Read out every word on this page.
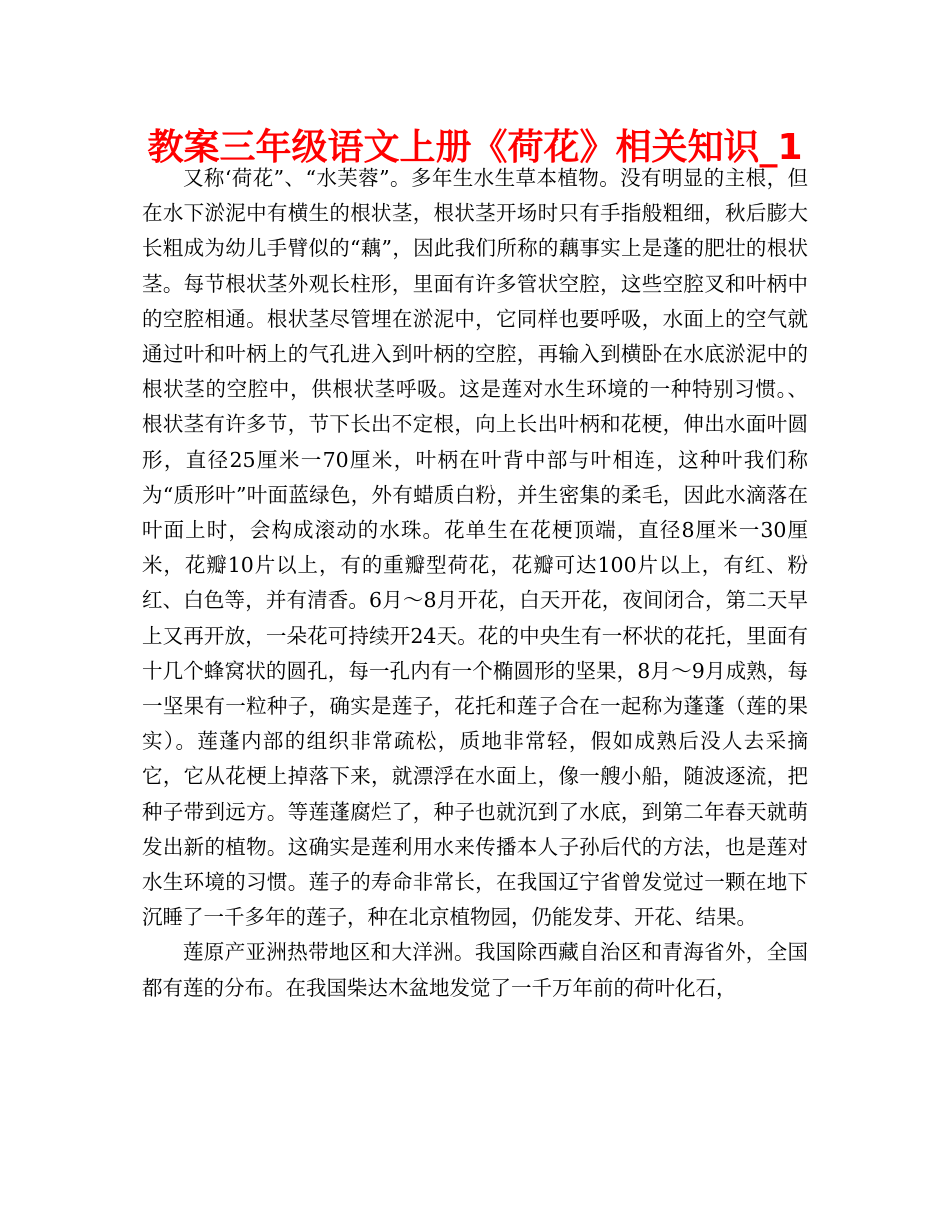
教案三年级语文上册《荷花》相关知识_1

又称‘荷花”、“水芙蓉”。多年生水生草本植物。没有明显的主根，但在水下淤泥中有横生的根状茎，根状茎开场时只有手指般粗细，秋后膨大长粗成为幼儿手臂似的“藕”，因此我们所称的藕事实上是蓬的肥壮的根状茎。每节根状茎外观长柱形，里面有许多管状空腔，这些空腔叉和叶柄中的空腔相通。根状茎尽管埋在淤泥中，它同样也要呼吸，水面上的空气就通过叶和叶柄上的气孔进入到叶柄的空腔，再输入到横卧在水底淤泥中的根状茎的空腔中，供根状茎呼吸。这是莲对水生环境的一种特别习惯。、根状茎有许多节，节下长出不定根，向上长出叶柄和花梗，伸出水面叶圆形，直径25厘米一70厘米，叶柄在叶背中部与叶相连，这种叶我们称为“质形叶”叶面蓝绿色，外有蜡质白粉，并生密集的柔毛，因此水滴落在叶面上时，会构成滚动的水珠。花单生在花梗顶端，直径8厘米一30厘米，花瓣10片以上，有的重瓣型荷花，花瓣可达100片以上，有红、粉红、白色等，并有清香。6月～8月开花，白天开花，夜间闭合，第二天早上又再开放，一朵花可持续开24天。花的中央生有一杯状的花托，里面有十几个蜂窝状的圆孔，每一孔内有一个椭圆形的坚果，8月～9月成熟，每一坚果有一粒种子，确实是莲子，花托和莲子合在一起称为蓬蓬（莲的果实）。莲蓬内部的组织非常疏松，质地非常轻，假如成熟后没人去采摘它，它从花梗上掉落下来，就漂浮在水面上，像一艘小船，随波逐流，把种子带到远方。等莲蓬腐烂了，种子也就沉到了水底，到第二年春天就萌发出新的植物。这确实是莲利用水来传播本人子孙后代的方法，也是莲对水生环境的习惯。莲子的寿命非常长，在我国辽宁省曾发觉过一颗在地下沉睡了一千多年的莲子，种在北京植物园，仍能发芽、开花、结果。

莲原产亚洲热带地区和大洋洲。我国除西藏自治区和青海省外，全国都有莲的分布。在我国柴达木盆地发觉了一千万年前的荷叶化石，
